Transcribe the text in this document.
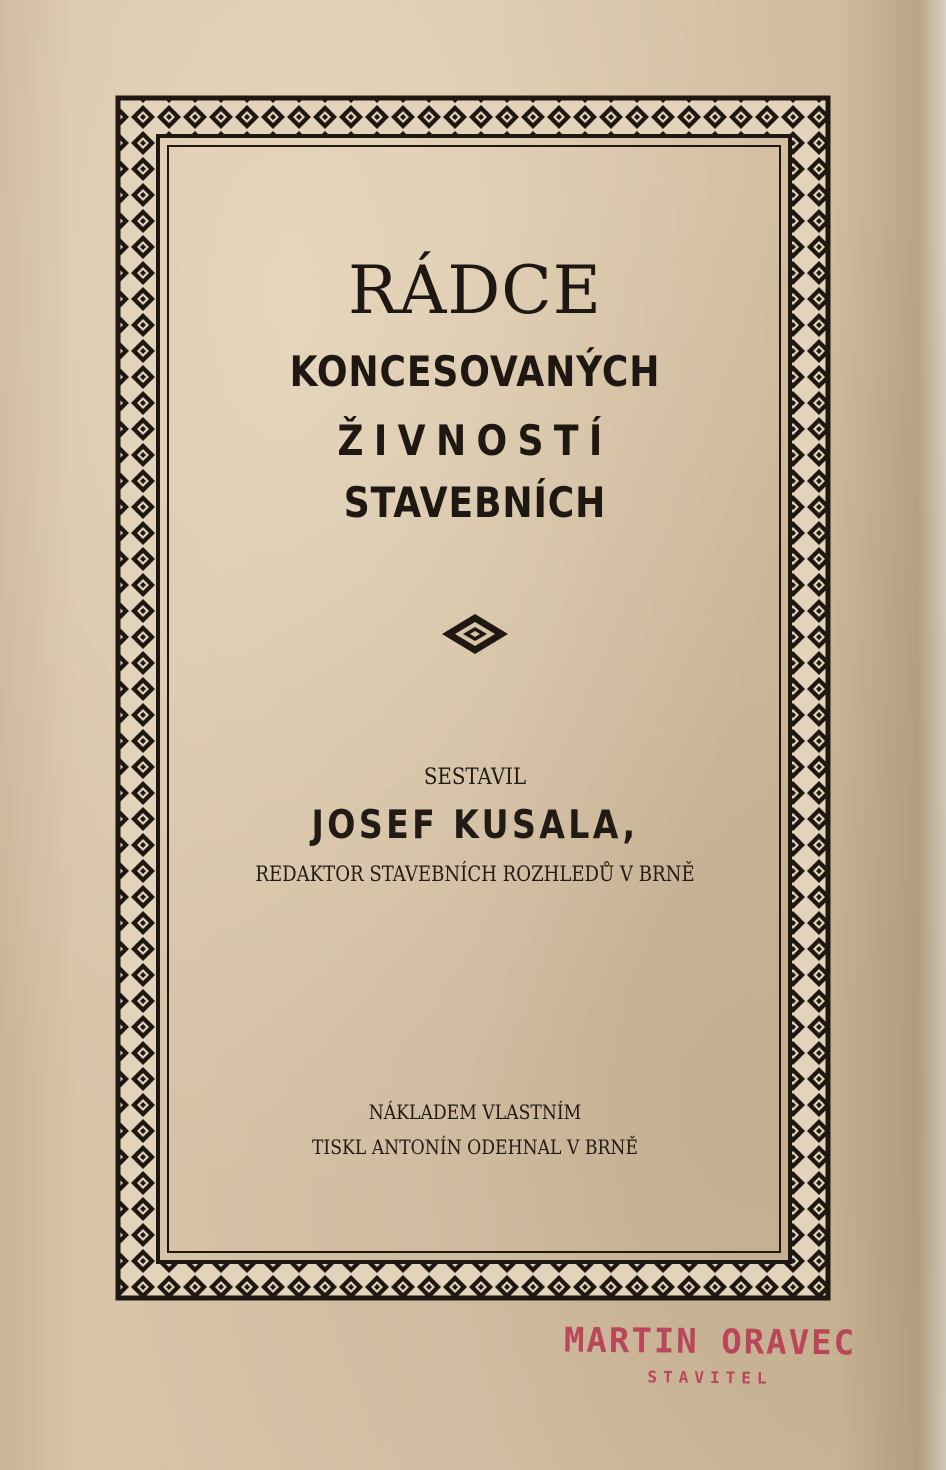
RÁDCE
KONCESOVANÝCH
ŽIVNOSTÍ
STAVEBNÍCH
SESTAVIL
JOSEF KUSALA,
REDAKTOR STAVEBNÍCH ROZHLEDŮ V BRNĚ
NÁKLADEM VLASTNÍM
TISKL ANTONÍN ODEHNAL V BRNĚ
MARTIN ORAVEC
STAVITEL
